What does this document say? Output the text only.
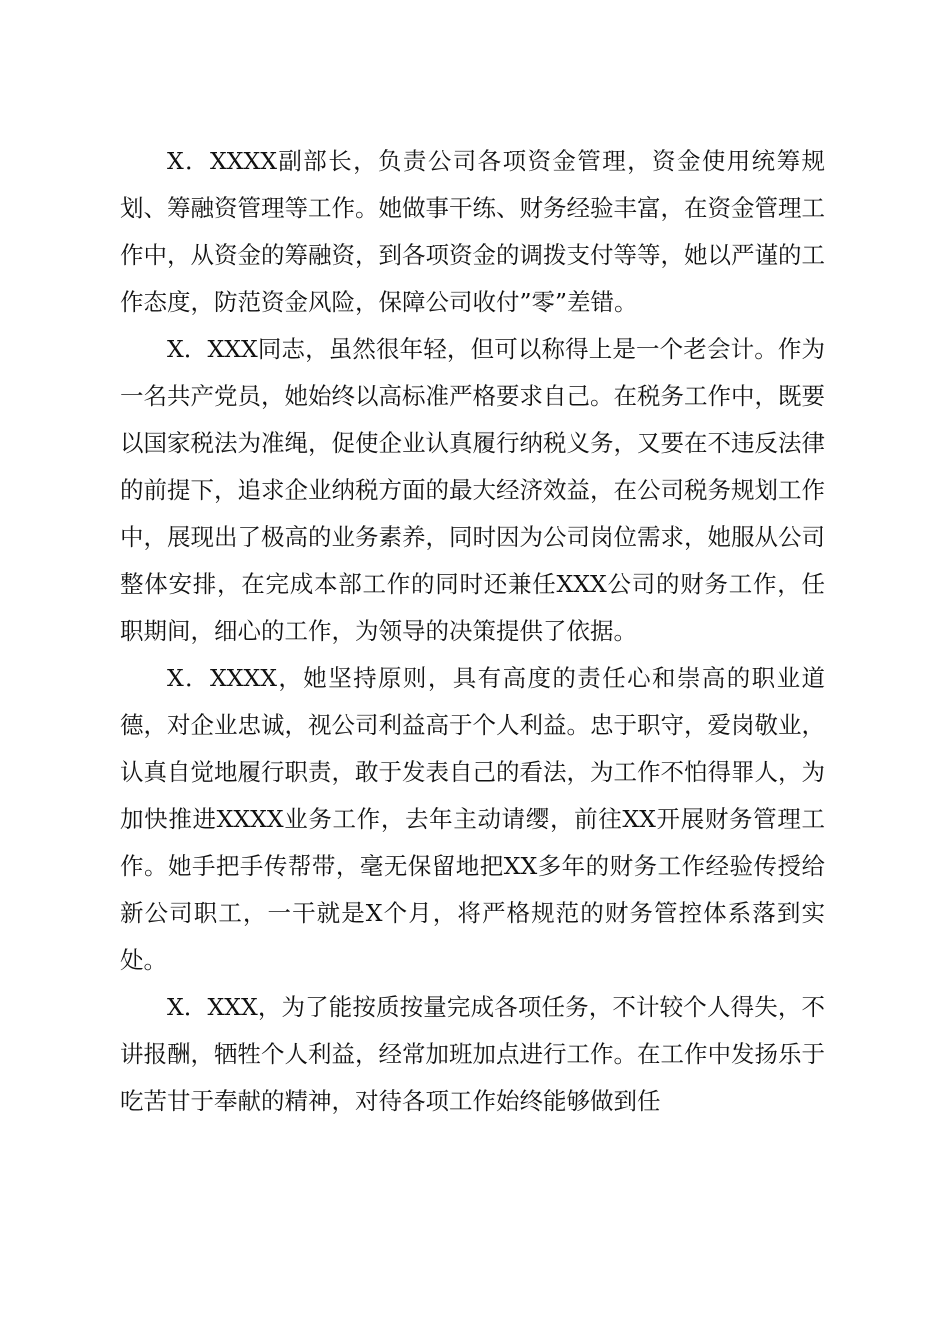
X．XXXX副部长，负责公司各项资金管理，资金使用统筹规划、筹融资管理等工作。她做事干练、财务经验丰富，在资金管理工作中，从资金的筹融资，到各项资金的调拨支付等等，她以严谨的工作态度，防范资金风险，保障公司收付”零”差错。

X．XXX同志，虽然很年轻，但可以称得上是一个老会计。作为一名共产党员，她始终以高标准严格要求自己。在税务工作中，既要以国家税法为准绳，促使企业认真履行纳税义务，又要在不违反法律的前提下，追求企业纳税方面的最大经济效益，在公司税务规划工作中，展现出了极高的业务素养，同时因为公司岗位需求，她服从公司整体安排，在完成本部工作的同时还兼任XXX公司的财务工作，任职期间，细心的工作，为领导的决策提供了依据。

X．XXXX，她坚持原则，具有高度的责任心和崇高的职业道德，对企业忠诚，视公司利益高于个人利益。忠于职守，爱岗敬业，认真自觉地履行职责，敢于发表自己的看法，为工作不怕得罪人，为加快推进XXXX业务工作，去年主动请缨，前往XX开展财务管理工作。她手把手传帮带，毫无保留地把XX多年的财务工作经验传授给新公司职工，一干就是X个月，将严格规范的财务管控体系落到实处。

X．XXX，为了能按质按量完成各项任务，不计较个人得失，不讲报酬，牺牲个人利益，经常加班加点进行工作。在工作中发扬乐于吃苦甘于奉献的精神，对待各项工作始终能够做到任
